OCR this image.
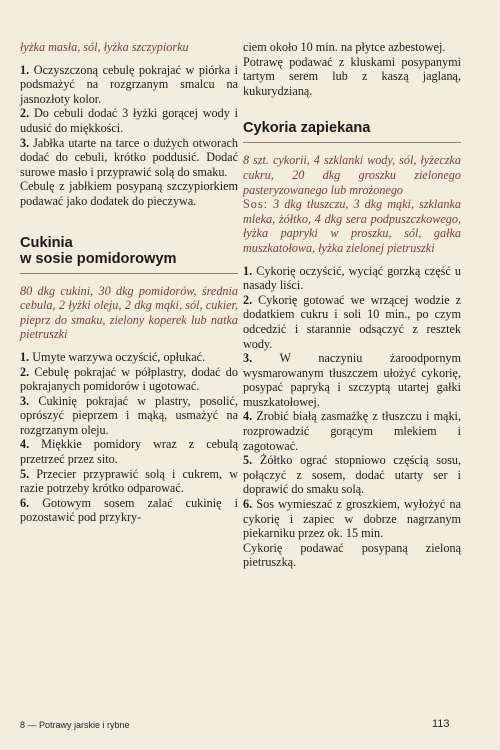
łyżka masła, sól, łyżka szczypiorku

1. Oczyszczoną cebulę pokrajać w piórka i podsmażyć na rozgrzanym smalcu na jasnozłoty kolor.

2. Do cebuli dodać 3 łyżki gorącej wody i udusić do miękkości.

3. Jabłka utarte na tarce o dużych otworach dodać do cebuli, krótko poddusić. Dodać surowe masło i przyprawić solą do smaku.

Cebulę z jabłkiem posypaną szczypiorkiem podawać jako dodatek do pieczywa.

Cukinia
w sosie pomidorowym

80 dkg cukini, 30 dkg pomidorów, średnia cebula, 2 łyżki oleju, 2 dkg mąki, sól, cukier, pieprz do smaku, zielony koperek lub natka pietruszki

1. Umyte warzywa oczyścić, opłukać.

2. Cebulę pokrajać w półplastry, dodać do pokrajanych pomidorów i ugotować.

3. Cukinię pokrajać w plastry, posolić, oprószyć pieprzem i mąką, usmażyć na rozgrzanym oleju.

4. Miękkie pomidory wraz z cebulą przetrzeć przez sito.

5. Przecier przyprawić solą i cukrem, w razie potrzeby krótko odparować.

6. Gotowym sosem zalać cukinię i pozostawić pod przykry-

ciem około 10 min. na płytce azbestowej.

Potrawę podawać z kluskami posypanymi tartym serem lub z kaszą jaglaną, kukurydzianą.

Cykoria zapiekana

8 szt. cykorii, 4 szklanki wody, sól, łyżeczka cukru, 20 dkg groszku zielonego pasteryzowanego lub mrożonego

Sos: 3 dkg tłuszczu, 3 dkg mąki, szklanka mleka, żółtko, 4 dkg sera podpuszczkowego, łyżka papryki w proszku, sól, gałka muszkatołowa, łyżka zielonej pietruszki

1. Cykorię oczyścić, wyciąć gorzką część u nasady liści.

2. Cykorię gotować we wrzącej wodzie z dodatkiem cukru i soli 10 min., po czym odcedzić i starannie odsączyć z resztek wody.

3. W naczyniu żaroodpornym wysmarowanym tłuszczem ułożyć cykorię, posypać papryką i szczyptą utartej gałki muszkatołowej.

4. Zrobić białą zasmażkę z tłuszczu i mąki, rozprowadzić gorącym mlekiem i zagotować.

5. Żółtko ograć stopniowo częścią sosu, połączyć z sosem, dodać utarty ser i doprawić do smaku solą.

6. Sos wymieszać z groszkiem, wyłożyć na cykorię i zapiec w dobrze nagrzanym piekarniku przez ok. 15 min.

Cykorię podawać posypaną zieloną pietruszką.

8 — Potrawy jarskie i rybne	113
